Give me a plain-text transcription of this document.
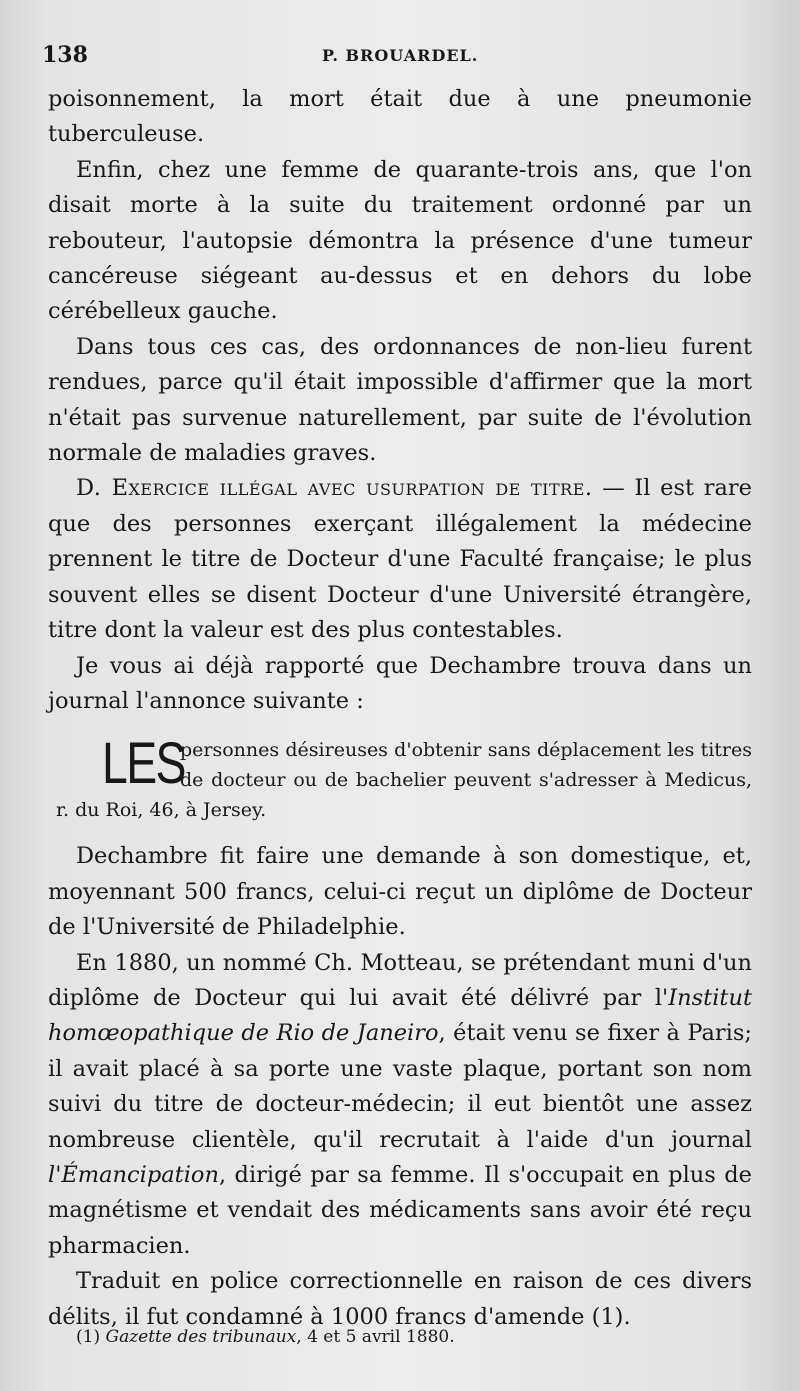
138	P. BROUARDEL.

poisonnement, la mort était due à une pneumonie tuberculeuse.

Enfin, chez une femme de quarante-trois ans, que l'on disait morte à la suite du traitement ordonné par un rebouteur, l'autopsie démontra la présence d'une tumeur cancéreuse siégeant au-dessus et en dehors du lobe cérébelleux gauche.

Dans tous ces cas, des ordonnances de non-lieu furent rendues, parce qu'il était impossible d'affirmer que la mort n'était pas survenue naturellement, par suite de l'évolution normale de maladies graves.

D. Exercice illégal avec usurpation de titre. — Il est rare que des personnes exerçant illégalement la médecine prennent le titre de Docteur d'une Faculté française; le plus souvent elles se disent Docteur d'une Université étrangère, titre dont la valeur est des plus contestables.

Je vous ai déjà rapporté que Dechambre trouva dans un journal l'annonce suivante :

LES
personnes désireuses d'obtenir sans déplacement les titres de docteur ou de bachelier peuvent s'adresser à Medicus, r. du Roi, 46, à Jersey.

Dechambre fit faire une demande à son domestique, et, moyennant 500 francs, celui-ci reçut un diplôme de Docteur de l'Université de Philadelphie.

En 1880, un nommé Ch. Motteau, se prétendant muni d'un diplôme de Docteur qui lui avait été délivré par l'Institut homœopathique de Rio de Janeiro, était venu se fixer à Paris; il avait placé à sa porte une vaste plaque, portant son nom suivi du titre de docteur-médecin; il eut bientôt une assez nombreuse clientèle, qu'il recrutait à l'aide d'un journal l'Émancipation, dirigé par sa femme. Il s'occupait en plus de magnétisme et vendait des médicaments sans avoir été reçu pharmacien.

Traduit en police correctionnelle en raison de ces divers délits, il fut condamné à 1000 francs d'amende (1).

(1) Gazette des tribunaux, 4 et 5 avril 1880.
